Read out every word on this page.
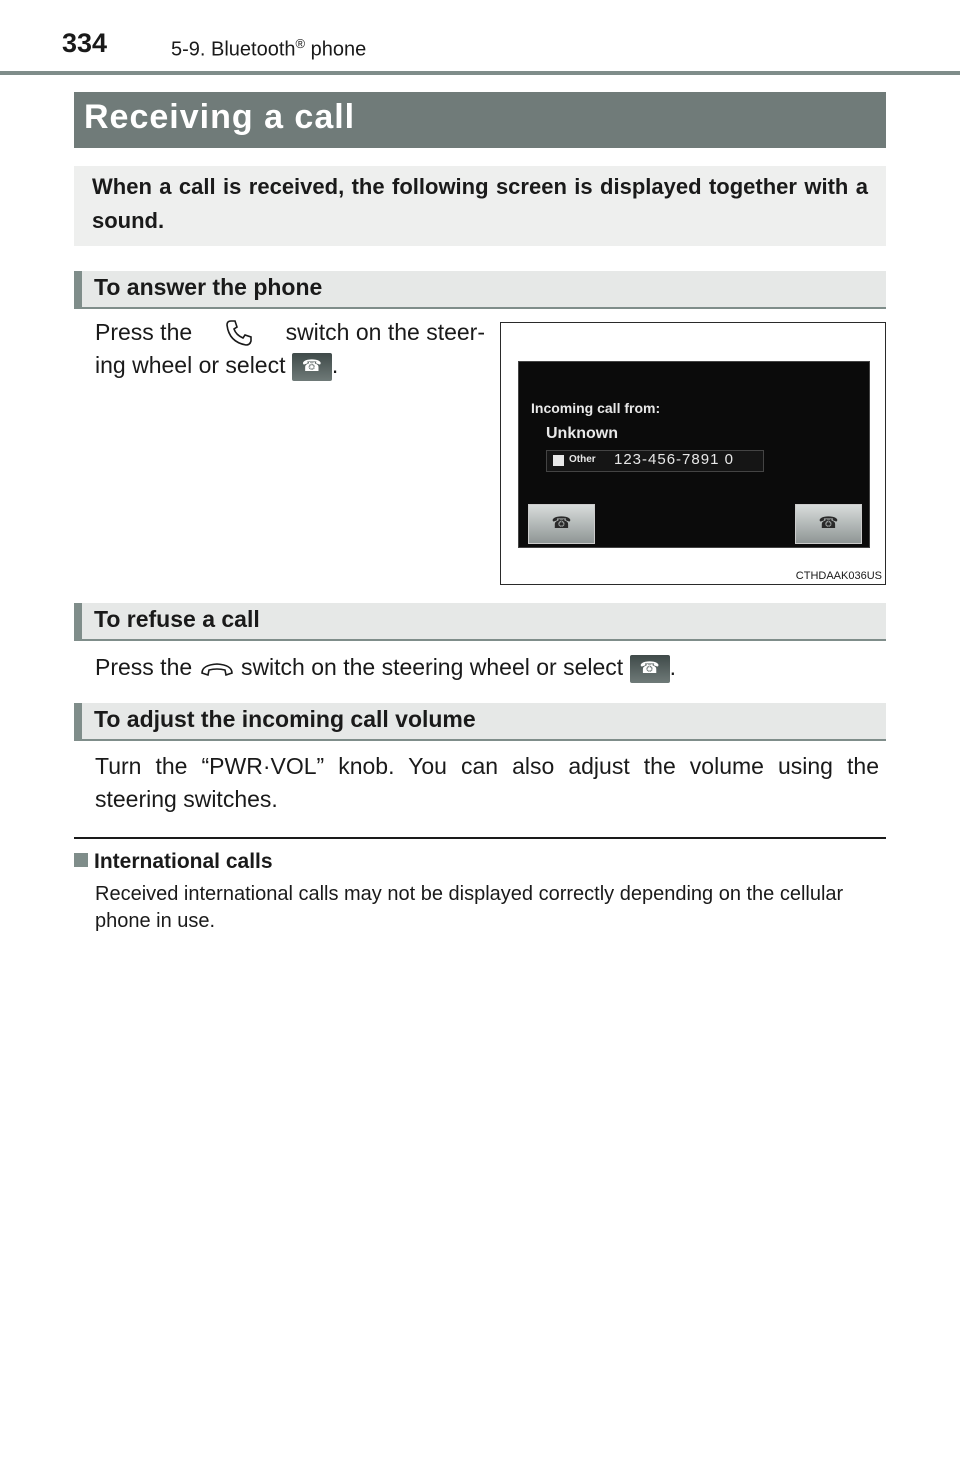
334	5-9. Bluetooth® phone
Receiving a call
When a call is received, the following screen is displayed together with a sound.
To answer the phone
Press the	switch on the steer-
ing wheel or select ☎ .
Incoming call from:
Unknown
Other 123-456-7891 0
☎	☎
CTHDAAK036US
To refuse a call
Press the switch on the steering wheel or select ☎ .
To adjust the incoming call volume
Turn the “PWR·VOL” knob. You can also adjust the volume using the steering switches.
International calls
Received international calls may not be displayed correctly depending on the cellular phone in use.
